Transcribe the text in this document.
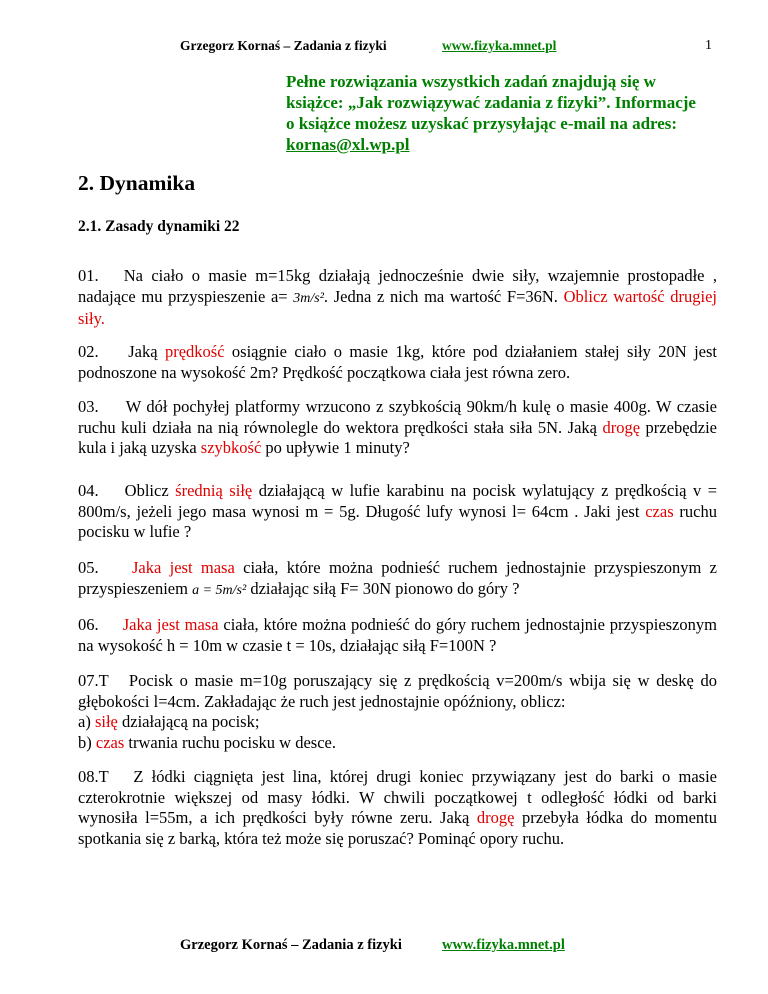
Grzegorz Kornaś – Zadania z fizyki	www.fizyka.mnet.pl	1
Pełne rozwiązania wszystkich zadań znajdują się w
książce: „Jak rozwiązywać zadania z fizyki”. Informacje
o książce możesz uzyskać przysyłając e-mail na adres:
kornas@xl.wp.pl
2. Dynamika
2.1. Zasady dynamiki 22
01. Na ciało o masie m=15kg działają jednocześnie dwie siły, wzajemnie prostopadłe , nadające mu przyspieszenie a= 3m/s². Jedna z nich ma wartość F=36N. Oblicz wartość drugiej siły.
02. Jaką prędkość osiągnie ciało o masie 1kg, które pod działaniem stałej siły 20N jest podnoszone na wysokość 2m? Prędkość początkowa ciała jest równa zero.
03. W dół pochyłej platformy wrzucono z szybkością 90km/h kulę o masie 400g. W czasie ruchu kuli działa na nią równolegle do wektora prędkości stała siła 5N. Jaką drogę przebędzie kula i jaką uzyska szybkość po upływie 1 minuty?
04. Oblicz średnią siłę działającą w lufie karabinu na pocisk wylatujący z prędkością v = 800m/s, jeżeli jego masa wynosi m = 5g. Długość lufy wynosi l= 64cm . Jaki jest czas ruchu pocisku w lufie ?
05. Jaka jest masa ciała, które można podnieść ruchem jednostajnie przyspieszonym z przyspieszeniem a = 5m/s² działając siłą F= 30N pionowo do góry ?
06. Jaka jest masa ciała, które można podnieść do góry ruchem jednostajnie przyspieszonym na wysokość h = 10m w czasie t = 10s, działając siłą F=100N ?
07.T Pocisk o masie m=10g poruszający się z prędkością v=200m/s wbija się w deskę do głębokości l=4cm. Zakładając że ruch jest jednostajnie opóźniony, oblicz:
a) siłę działającą na pocisk;
b) czas trwania ruchu pocisku w desce.
08.T Z łódki ciągnięta jest lina, której drugi koniec przywiązany jest do barki o masie czterokrotnie większej od masy łódki. W chwili początkowej t odległość łódki od barki wynosiła l=55m, a ich prędkości były równe zeru. Jaką drogę przebyła łódka do momentu spotkania się z barką, która też może się poruszać? Pominąć opory ruchu.
Grzegorz Kornaś – Zadania z fizyki	www.fizyka.mnet.pl
